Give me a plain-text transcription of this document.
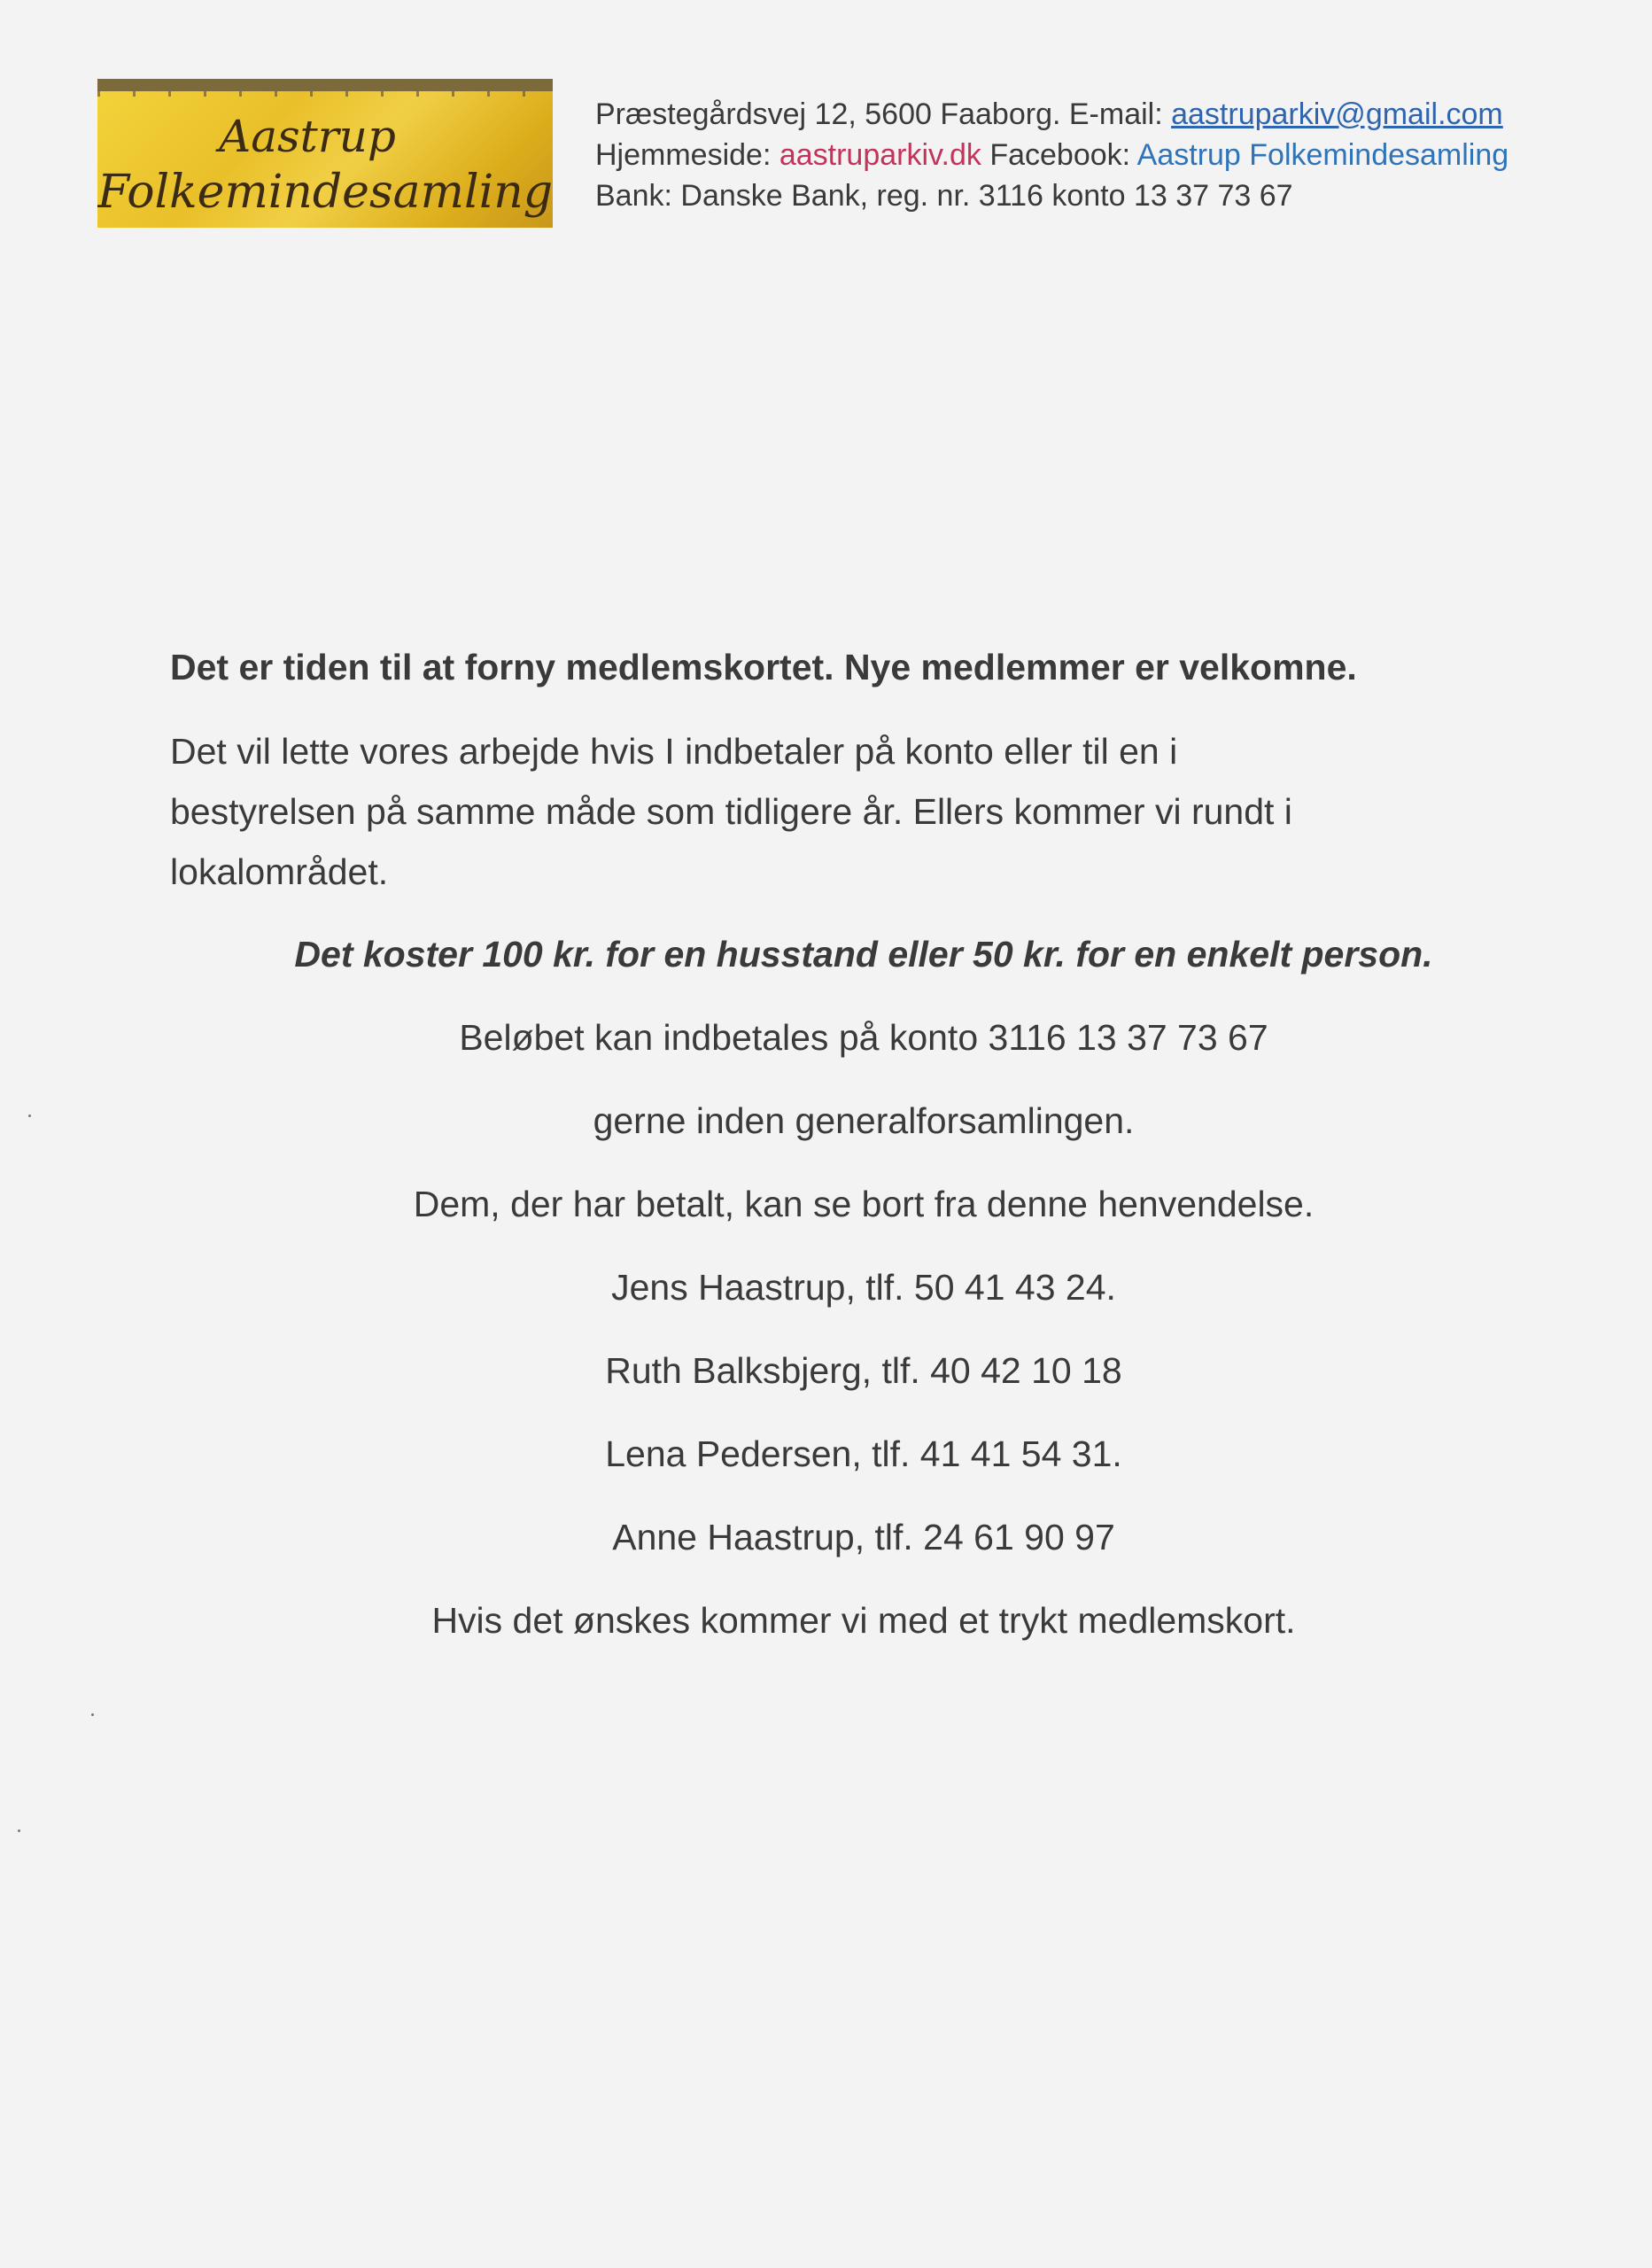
Aastrup
Folkemindesamling
Præstegårdsvej 12, 5600 Faaborg. E-mail: aastruparkiv@gmail.com
Hjemmeside: aastruparkiv.dk Facebook: Aastrup Folkemindesamling
Bank: Danske Bank, reg. nr. 3116 konto 13 37 73 67
Det er tiden til at forny medlemskortet. Nye medlemmer er velkomne.
Det vil lette vores arbejde hvis I indbetaler på konto eller til en i
bestyrelsen på samme måde som tidligere år. Ellers kommer vi rundt i
lokalområdet.
Det koster 100 kr. for en husstand eller 50 kr. for en enkelt person.
Beløbet kan indbetales på konto 3116 13 37 73 67
gerne inden generalforsamlingen.
Dem, der har betalt, kan se bort fra denne henvendelse.
Jens Haastrup, tlf. 50 41 43 24.
Ruth Balksbjerg, tlf. 40 42 10 18
Lena Pedersen, tlf. 41 41 54 31.
Anne Haastrup, tlf. 24 61 90 97
Hvis det ønskes kommer vi med et trykt medlemskort.
